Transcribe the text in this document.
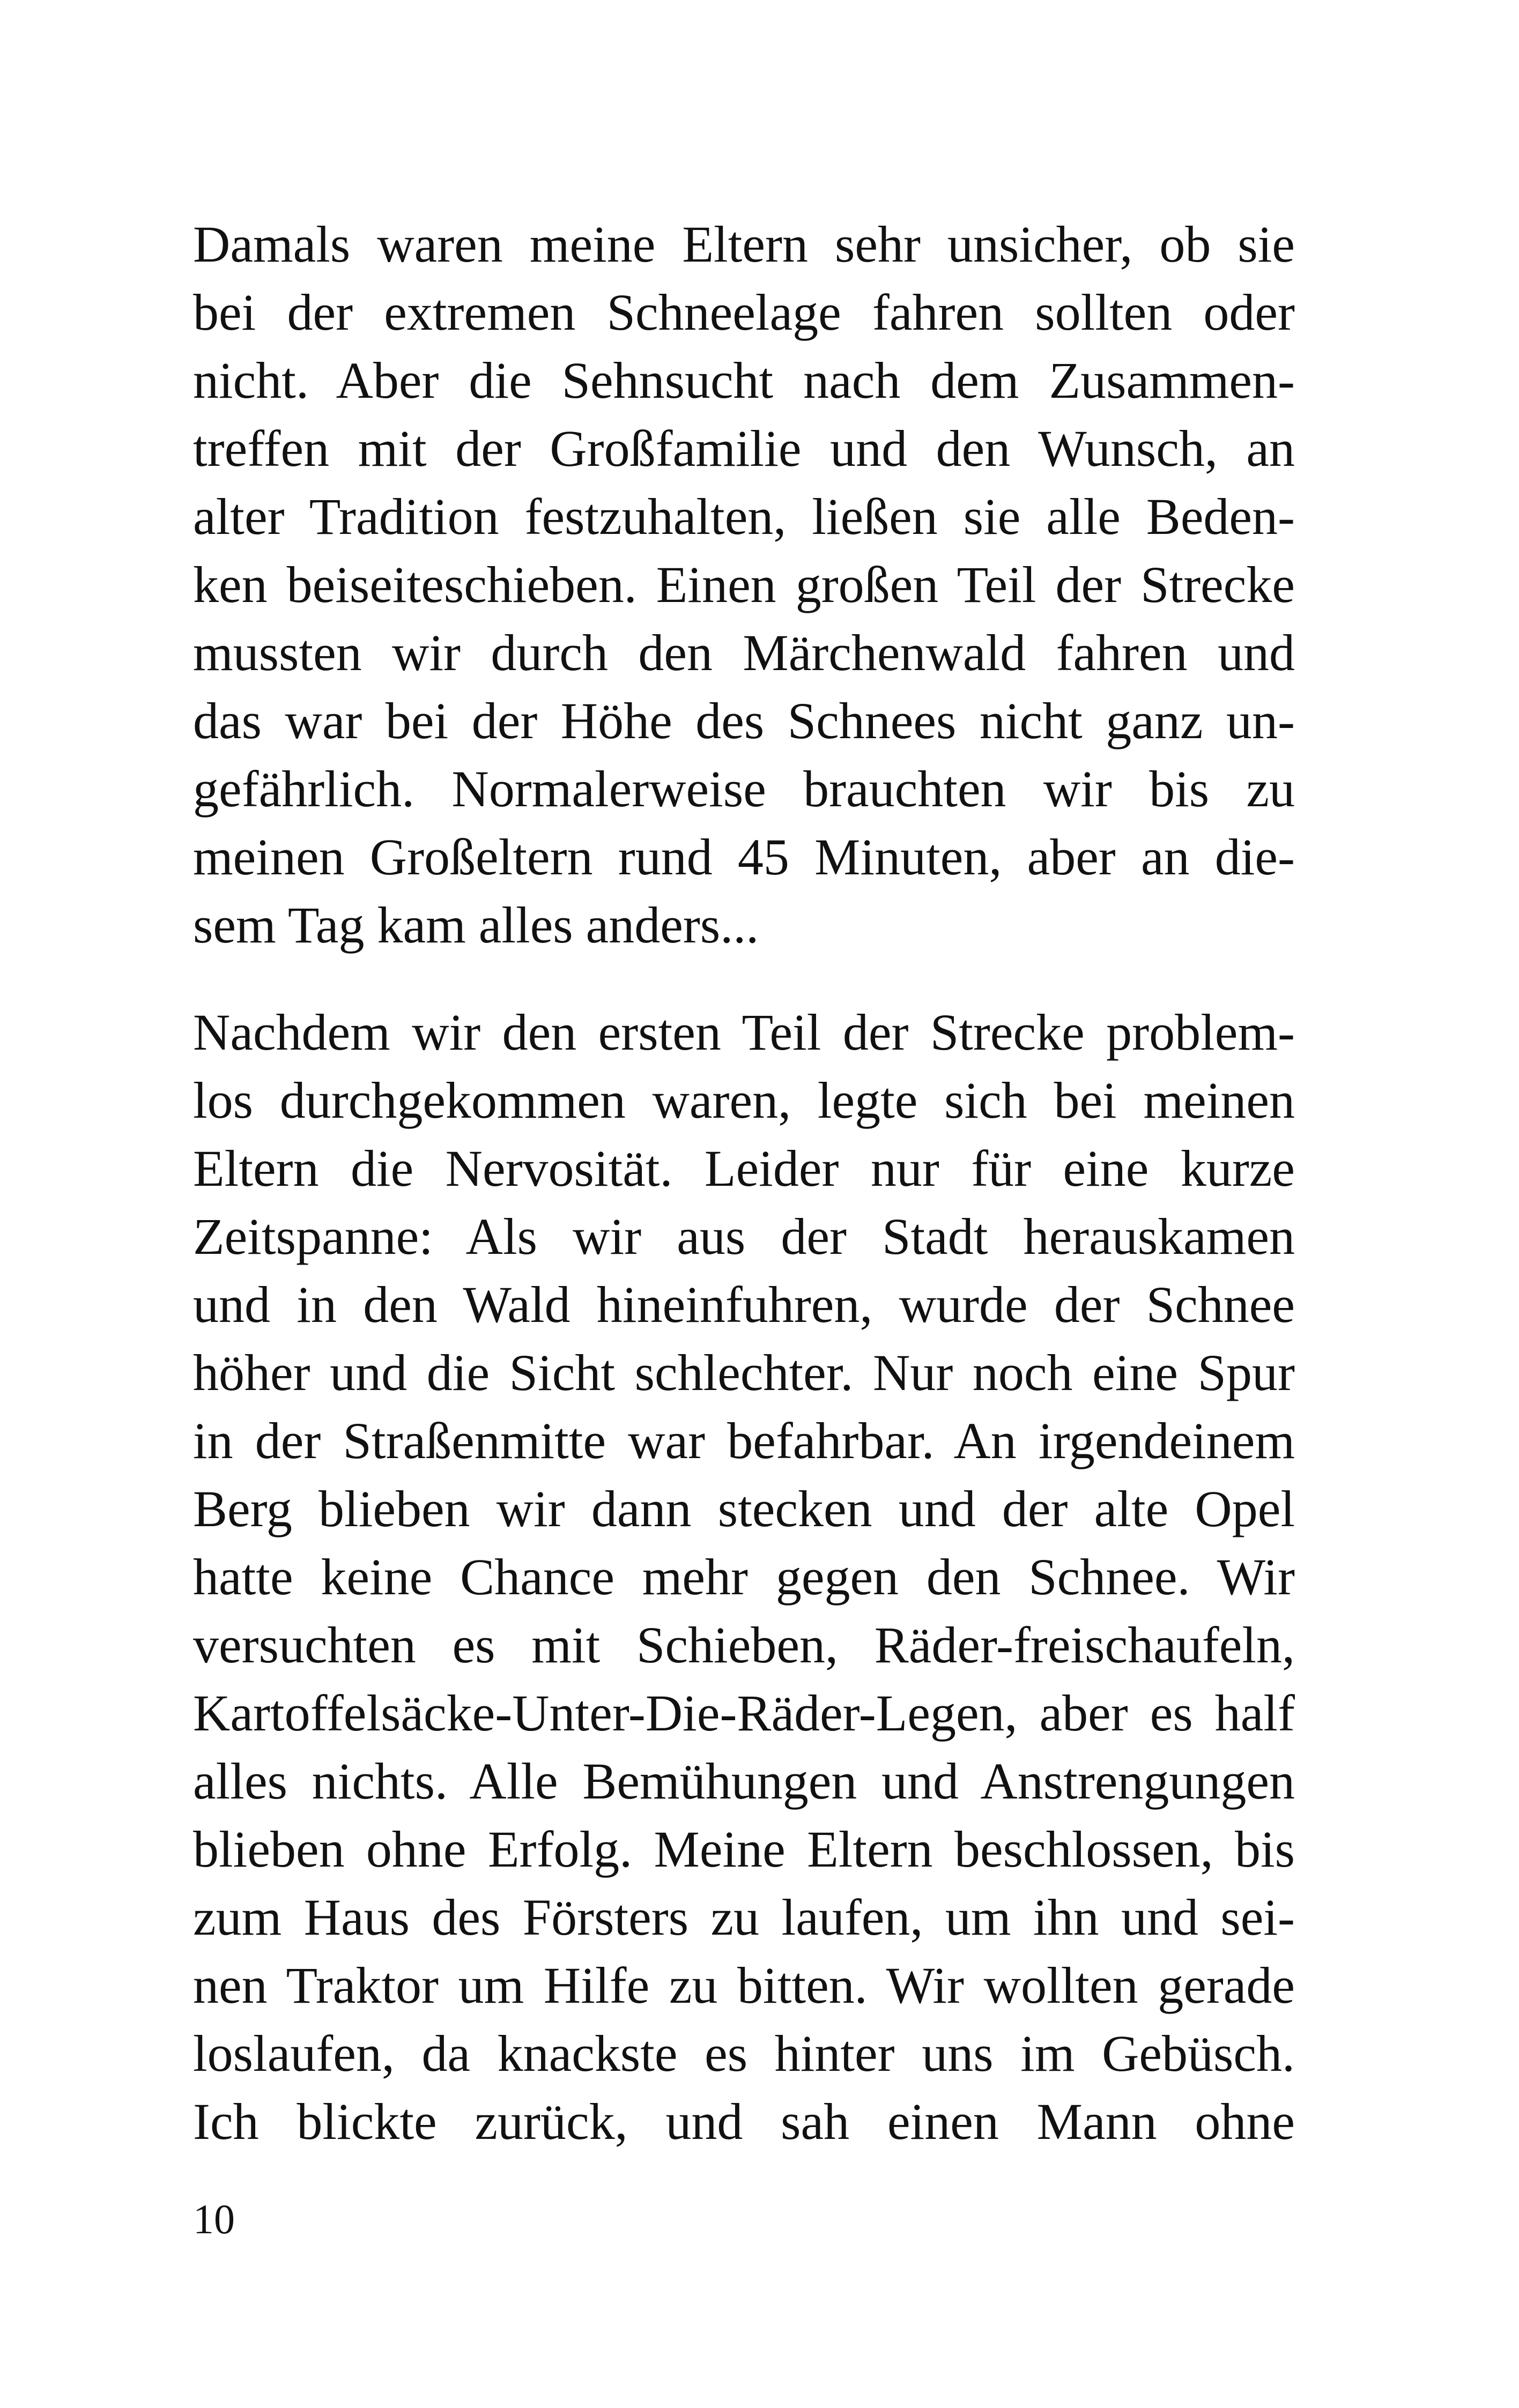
Damals waren meine Eltern sehr unsicher, ob sie
bei der extremen Schneelage fahren sollten oder
nicht. Aber die Sehnsucht nach dem Zusammen-
treffen mit der Großfamilie und den Wunsch, an
alter Tradition festzuhalten, ließen sie alle Beden-
ken beiseiteschieben. Einen großen Teil der Strecke
mussten wir durch den Märchenwald fahren und
das war bei der Höhe des Schnees nicht ganz un-
gefährlich. Normalerweise brauchten wir bis zu
meinen Großeltern rund 45 Minuten, aber an die-
sem Tag kam alles anders...

Nachdem wir den ersten Teil der Strecke problem-
los durchgekommen waren, legte sich bei meinen
Eltern die Nervosität. Leider nur für eine kurze
Zeitspanne: Als wir aus der Stadt herauskamen
und in den Wald hineinfuhren, wurde der Schnee
höher und die Sicht schlechter. Nur noch eine Spur
in der Straßenmitte war befahrbar. An irgendeinem
Berg blieben wir dann stecken und der alte Opel
hatte keine Chance mehr gegen den Schnee. Wir
versuchten es mit Schieben, Räder-freischaufeln,
Kartoffelsäcke-Unter-Die-Räder-Legen, aber es half
alles nichts. Alle Bemühungen und Anstrengungen
blieben ohne Erfolg. Meine Eltern beschlossen, bis
zum Haus des Försters zu laufen, um ihn und sei-
nen Traktor um Hilfe zu bitten. Wir wollten gerade
loslaufen, da knackste es hinter uns im Gebüsch.
Ich blickte zurück, und sah einen Mann ohne

10
